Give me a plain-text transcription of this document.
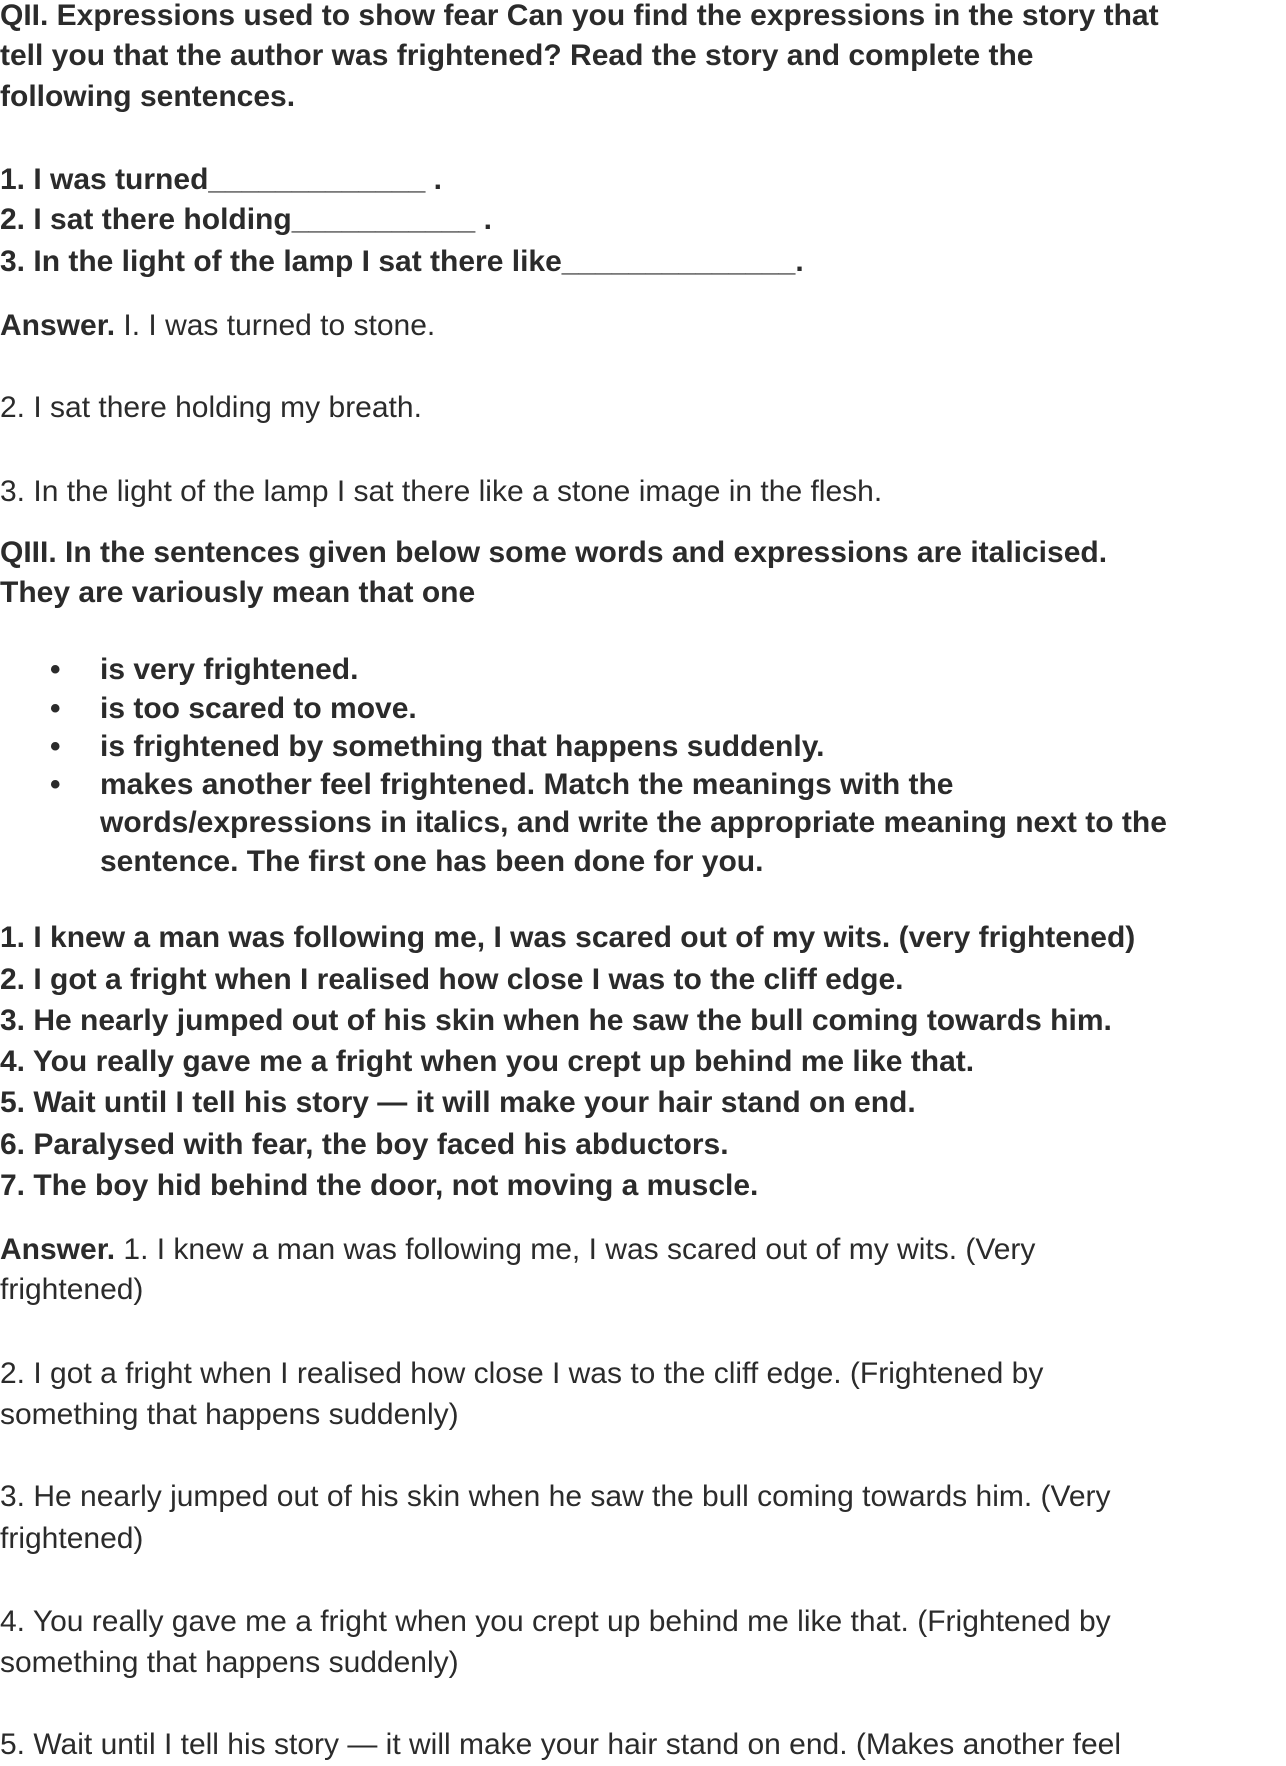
QII. Expressions used to show fear Can you find the expressions in the story that
tell you that the author was frightened? Read the story and complete the
following sentences.
1. I was turned_____________ .
2. I sat there holding___________ .
3. In the light of the lamp I sat there like______________.
Answer. I. I was turned to stone.
2. I sat there holding my breath.
3. In the light of the lamp I sat there like a stone image in the flesh.
QIII. In the sentences given below some words and expressions are italicised.
They are variously mean that one
• is very frightened.
• is too scared to move.
• is frightened by something that happens suddenly.
• makes another feel frightened. Match the meanings with the
words/expressions in italics, and write the appropriate meaning next to the
sentence. The first one has been done for you.
1. I knew a man was following me, I was scared out of my wits. (very frightened)
2. I got a fright when I realised how close I was to the cliff edge.
3. He nearly jumped out of his skin when he saw the bull coming towards him.
4. You really gave me a fright when you crept up behind me like that.
5. Wait until I tell his story — it will make your hair stand on end.
6. Paralysed with fear, the boy faced his abductors.
7. The boy hid behind the door, not moving a muscle.
Answer. 1. I knew a man was following me, I was scared out of my wits. (Very
frightened)
2. I got a fright when I realised how close I was to the cliff edge. (Frightened by
something that happens suddenly)
3. He nearly jumped out of his skin when he saw the bull coming towards him. (Very
frightened)
4. You really gave me a fright when you crept up behind me like that. (Frightened by
something that happens suddenly)
5. Wait until I tell his story — it will make your hair stand on end. (Makes another feel
